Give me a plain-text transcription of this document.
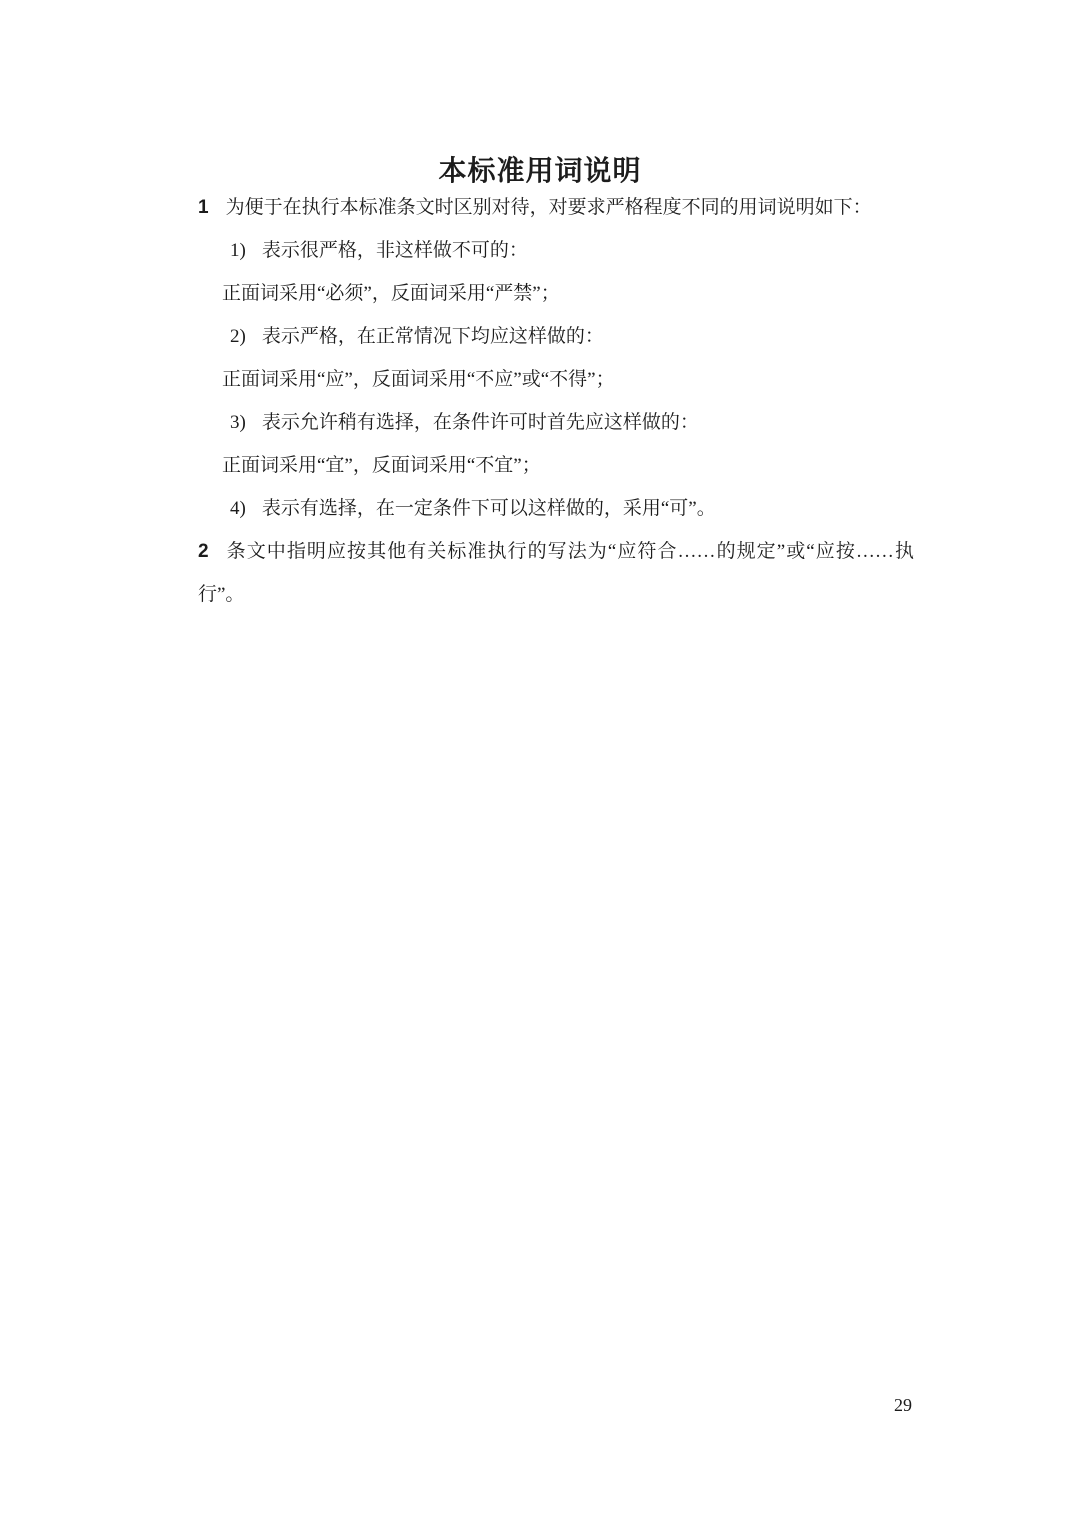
本标准用词说明
1 为便于在执行本标准条文时区别对待，对要求严格程度不同的用词说明如下：
1) 表示很严格，非这样做不可的：
正面词采用“必须”，反面词采用“严禁”；
2) 表示严格，在正常情况下均应这样做的：
正面词采用“应”，反面词采用“不应”或“不得”；
3) 表示允许稍有选择，在条件许可时首先应这样做的：
正面词采用“宜”，反面词采用“不宜”；
4) 表示有选择，在一定条件下可以这样做的，采用“可”。
2 条文中指明应按其他有关标准执行的写法为“应符合……的规定”或“应按……执行”。
29
